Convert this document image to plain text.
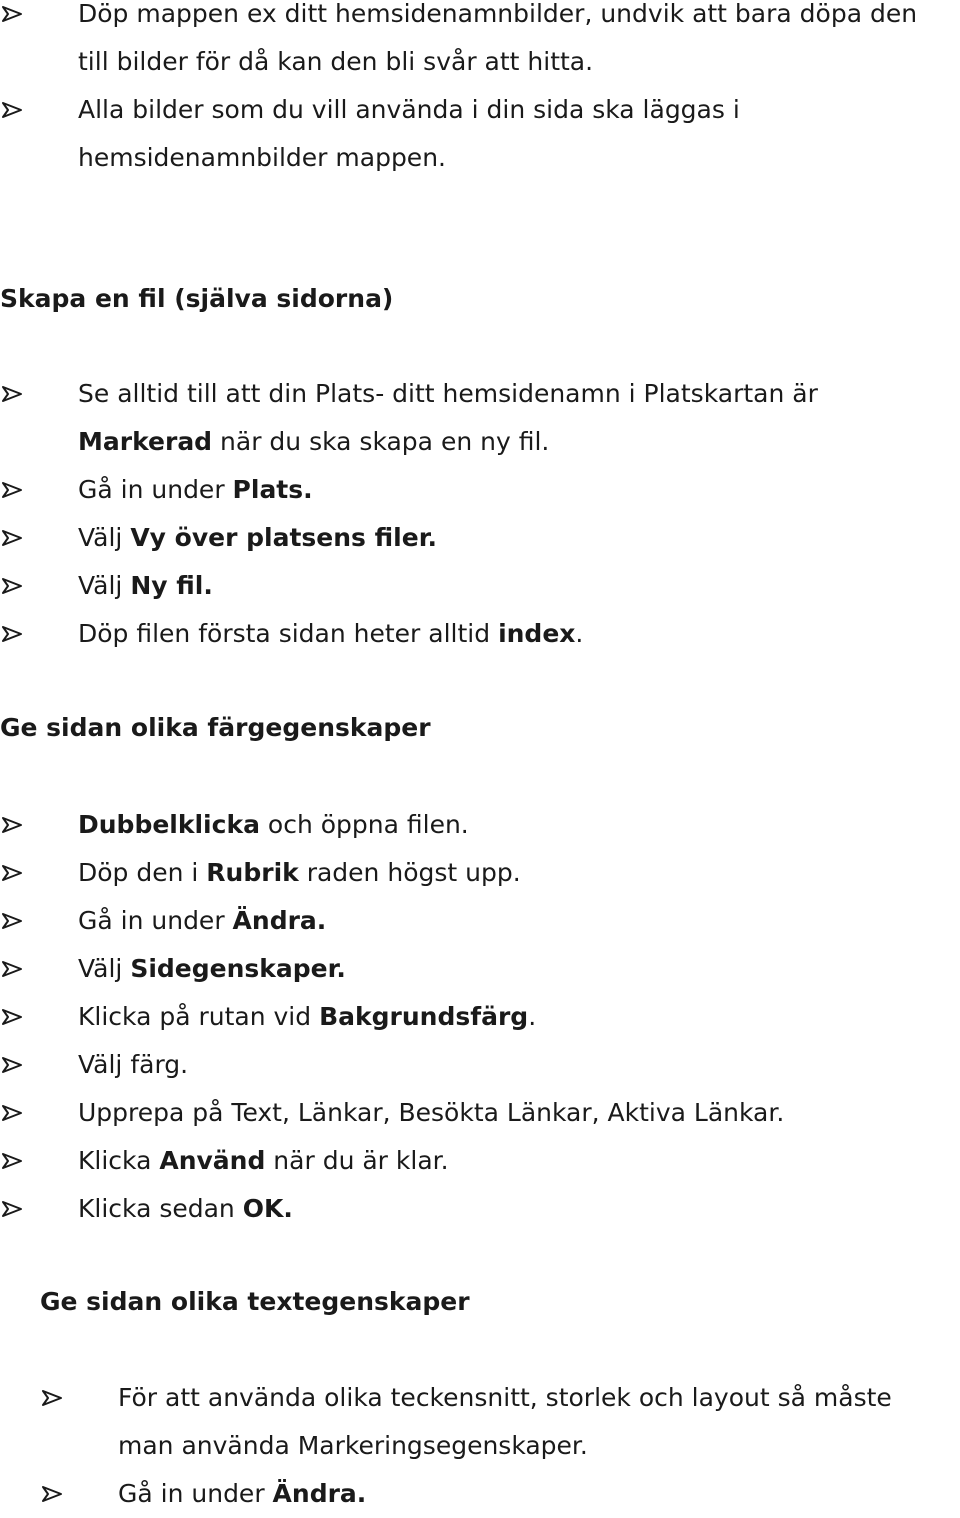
Döp mappen ex ditt hemsidenamnbilder, undvik att bara döpa den
till bilder för då kan den bli svår att hitta.
Alla bilder som du vill använda i din sida ska läggas i
hemsidenamnbilder mappen.
Skapa en fil (själva sidorna)
Se alltid till att din Plats- ditt hemsidenamn i Platskartan är
Markerad när du ska skapa en ny fil.
Gå in under Plats.
Välj Vy över platsens filer.
Välj Ny fil.
Döp filen första sidan heter alltid index.
Ge sidan olika färgegenskaper
Dubbelklicka och öppna filen.
Döp den i Rubrik raden högst upp.
Gå in under Ändra.
Välj Sidegenskaper.
Klicka på rutan vid Bakgrundsfärg.
Välj färg.
Upprepa på Text, Länkar, Besökta Länkar, Aktiva Länkar.
Klicka Använd när du är klar.
Klicka sedan OK.
Ge sidan olika textegenskaper
För att använda olika teckensnitt, storlek och layout så måste
man använda Markeringsegenskaper.
Gå in under Ändra.
